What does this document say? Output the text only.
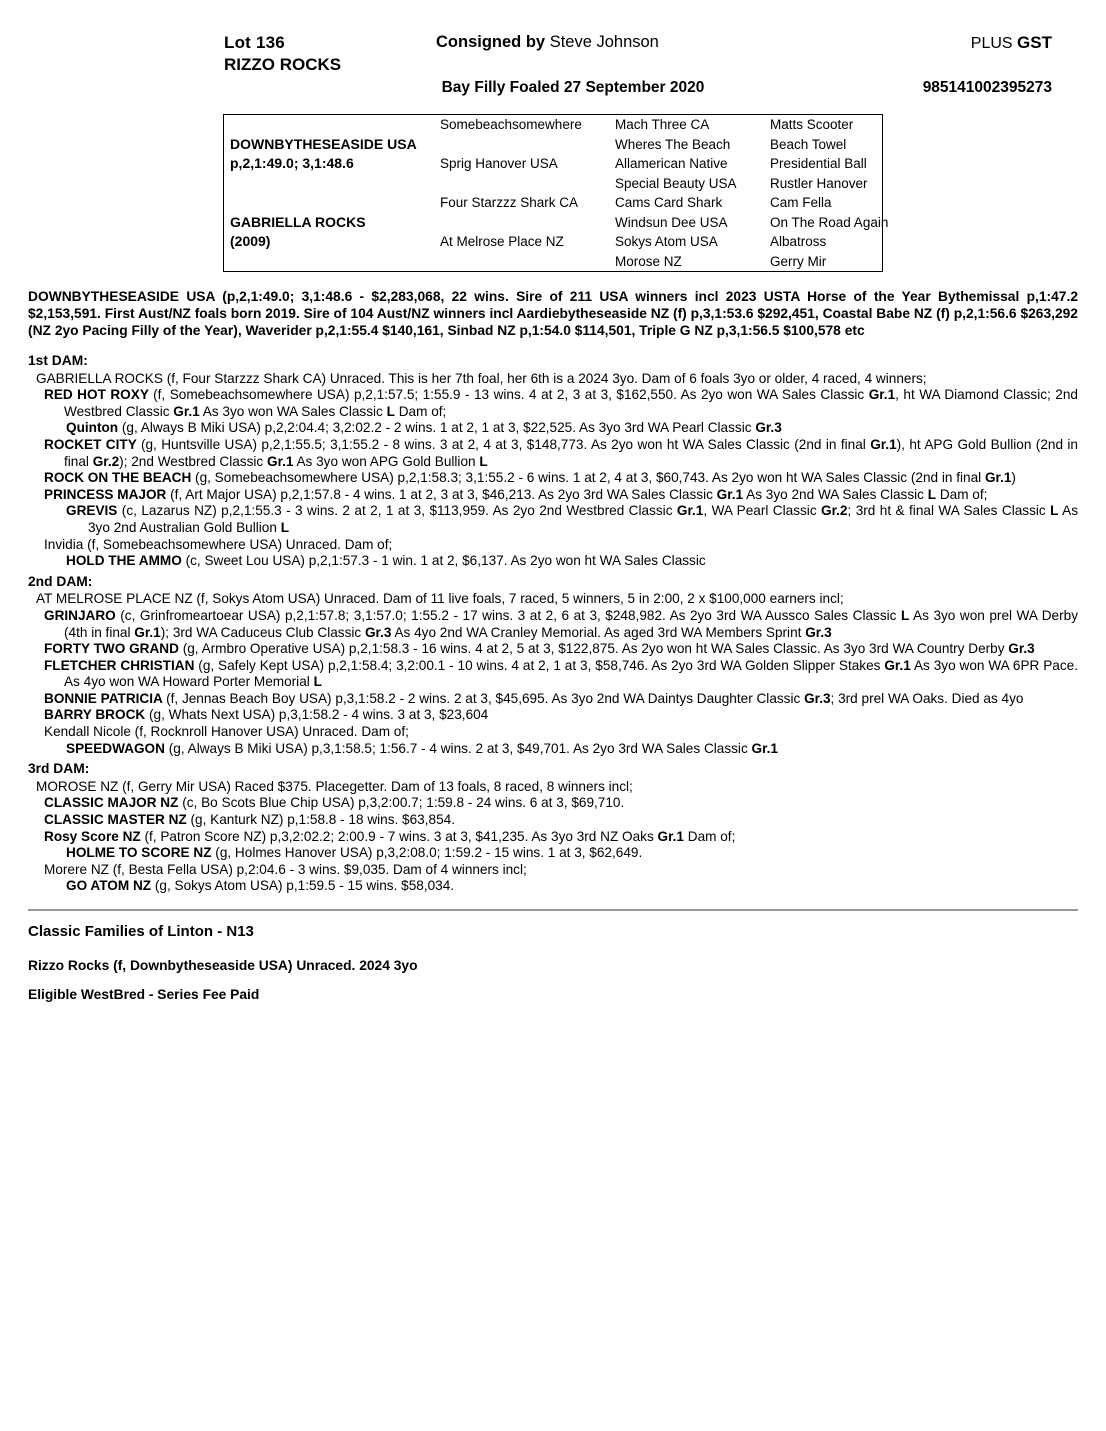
Lot 136	Consigned by Steve Johnson	PLUS GST
RIZZO ROCKS
Bay Filly Foaled 27 September 2020	985141002395273
	Somebeachsomewhere	Mach Three CA	Matts Scooter
DOWNBYTHESEASIDE USA		Wheres The Beach	Beach Towel
p,2,1:49.0; 3,1:48.6	Sprig Hanover USA	Allamerican Native	Presidential Ball
		Special Beauty USA	Rustler Hanover
	Four Starzzz Shark CA	Cams Card Shark	Cam Fella
GABRIELLA ROCKS		Windsun Dee USA	On The Road Again
(2009)	At Melrose Place NZ	Sokys Atom USA	Albatross
		Morose NZ	Gerry Mir
DOWNBYTHESEASIDE USA (p,2,1:49.0; 3,1:48.6 - $2,283,068, 22 wins. Sire of 211 USA winners incl 2023 USTA Horse of the Year Bythemissal p,1:47.2 $2,153,591. First Aust/NZ foals born 2019. Sire of 104 Aust/NZ winners incl Aardiebytheseaside NZ (f) p,3,1:53.6 $292,451, Coastal Babe NZ (f) p,2,1:56.6 $263,292 (NZ 2yo Pacing Filly of the Year), Waverider p,2,1:55.4 $140,161, Sinbad NZ p,1:54.0 $114,501, Triple G NZ p,3,1:56.5 $100,578 etc
1st DAM:

GABRIELLA ROCKS (f, Four Starzzz Shark CA) Unraced. This is her 7th foal, her 6th is a 2024 3yo. Dam of 6 foals 3yo or older, 4 raced, 4 winners;

RED HOT ROXY (f, Somebeachsomewhere USA) p,2,1:57.5; 1:55.9 - 13 wins. 4 at 2, 3 at 3, $162,550. As 2yo won WA Sales Classic Gr.1, ht WA Diamond Classic; 2nd Westbred Classic Gr.1 As 3yo won WA Sales Classic L Dam of;

Quinton (g, Always B Miki USA) p,2,2:04.4; 3,2:02.2 - 2 wins. 1 at 2, 1 at 3, $22,525. As 3yo 3rd WA Pearl Classic Gr.3

ROCKET CITY (g, Huntsville USA) p,2,1:55.5; 3,1:55.2 - 8 wins. 3 at 2, 4 at 3, $148,773. As 2yo won ht WA Sales Classic (2nd in final Gr.1), ht APG Gold Bullion (2nd in final Gr.2); 2nd Westbred Classic Gr.1 As 3yo won APG Gold Bullion L

ROCK ON THE BEACH (g, Somebeachsomewhere USA) p,2,1:58.3; 3,1:55.2 - 6 wins. 1 at 2, 4 at 3, $60,743. As 2yo won ht WA Sales Classic (2nd in final Gr.1)

PRINCESS MAJOR (f, Art Major USA) p,2,1:57.8 - 4 wins. 1 at 2, 3 at 3, $46,213. As 2yo 3rd WA Sales Classic Gr.1 As 3yo 2nd WA Sales Classic L Dam of;

GREVIS (c, Lazarus NZ) p,2,1:55.3 - 3 wins. 2 at 2, 1 at 3, $113,959. As 2yo 2nd Westbred Classic Gr.1, WA Pearl Classic Gr.2; 3rd ht & final WA Sales Classic L As 3yo 2nd Australian Gold Bullion L

Invidia (f, Somebeachsomewhere USA) Unraced. Dam of;

HOLD THE AMMO (c, Sweet Lou USA) p,2,1:57.3 - 1 win. 1 at 2, $6,137. As 2yo won ht WA Sales Classic

2nd DAM:

AT MELROSE PLACE NZ (f, Sokys Atom USA) Unraced. Dam of 11 live foals, 7 raced, 5 winners, 5 in 2:00, 2 x $100,000 earners incl;

GRINJARO (c, Grinfromeartoear USA) p,2,1:57.8; 3,1:57.0; 1:55.2 - 17 wins. 3 at 2, 6 at 3, $248,982. As 2yo 3rd WA Aussco Sales Classic L As 3yo won prel WA Derby (4th in final Gr.1); 3rd WA Caduceus Club Classic Gr.3 As 4yo 2nd WA Cranley Memorial. As aged 3rd WA Members Sprint Gr.3

FORTY TWO GRAND (g, Armbro Operative USA) p,2,1:58.3 - 16 wins. 4 at 2, 5 at 3, $122,875. As 2yo won ht WA Sales Classic. As 3yo 3rd WA Country Derby Gr.3

FLETCHER CHRISTIAN (g, Safely Kept USA) p,2,1:58.4; 3,2:00.1 - 10 wins. 4 at 2, 1 at 3, $58,746. As 2yo 3rd WA Golden Slipper Stakes Gr.1 As 3yo won WA 6PR Pace. As 4yo won WA Howard Porter Memorial L

BONNIE PATRICIA (f, Jennas Beach Boy USA) p,3,1:58.2 - 2 wins. 2 at 3, $45,695. As 3yo 2nd WA Daintys Daughter Classic Gr.3; 3rd prel WA Oaks. Died as 4yo

BARRY BROCK (g, Whats Next USA) p,3,1:58.2 - 4 wins. 3 at 3, $23,604

Kendall Nicole (f, Rocknroll Hanover USA) Unraced. Dam of;

SPEEDWAGON (g, Always B Miki USA) p,3,1:58.5; 1:56.7 - 4 wins. 2 at 3, $49,701. As 2yo 3rd WA Sales Classic Gr.1

3rd DAM:

MOROSE NZ (f, Gerry Mir USA) Raced $375. Placegetter. Dam of 13 foals, 8 raced, 8 winners incl;

CLASSIC MAJOR NZ (c, Bo Scots Blue Chip USA) p,3,2:00.7; 1:59.8 - 24 wins. 6 at 3, $69,710.

CLASSIC MASTER NZ (g, Kanturk NZ) p,1:58.8 - 18 wins. $63,854.

Rosy Score NZ (f, Patron Score NZ) p,3,2:02.2; 2:00.9 - 7 wins. 3 at 3, $41,235. As 3yo 3rd NZ Oaks Gr.1 Dam of;

HOLME TO SCORE NZ (g, Holmes Hanover USA) p,3,2:08.0; 1:59.2 - 15 wins. 1 at 3, $62,649.

Morere NZ (f, Besta Fella USA) p,2:04.6 - 3 wins. $9,035. Dam of 4 winners incl;

GO ATOM NZ (g, Sokys Atom USA) p,1:59.5 - 15 wins. $58,034.

Classic Families of Linton - N13
Rizzo Rocks (f, Downbytheseaside USA) Unraced. 2024 3yo
Eligible WestBred - Series Fee Paid
